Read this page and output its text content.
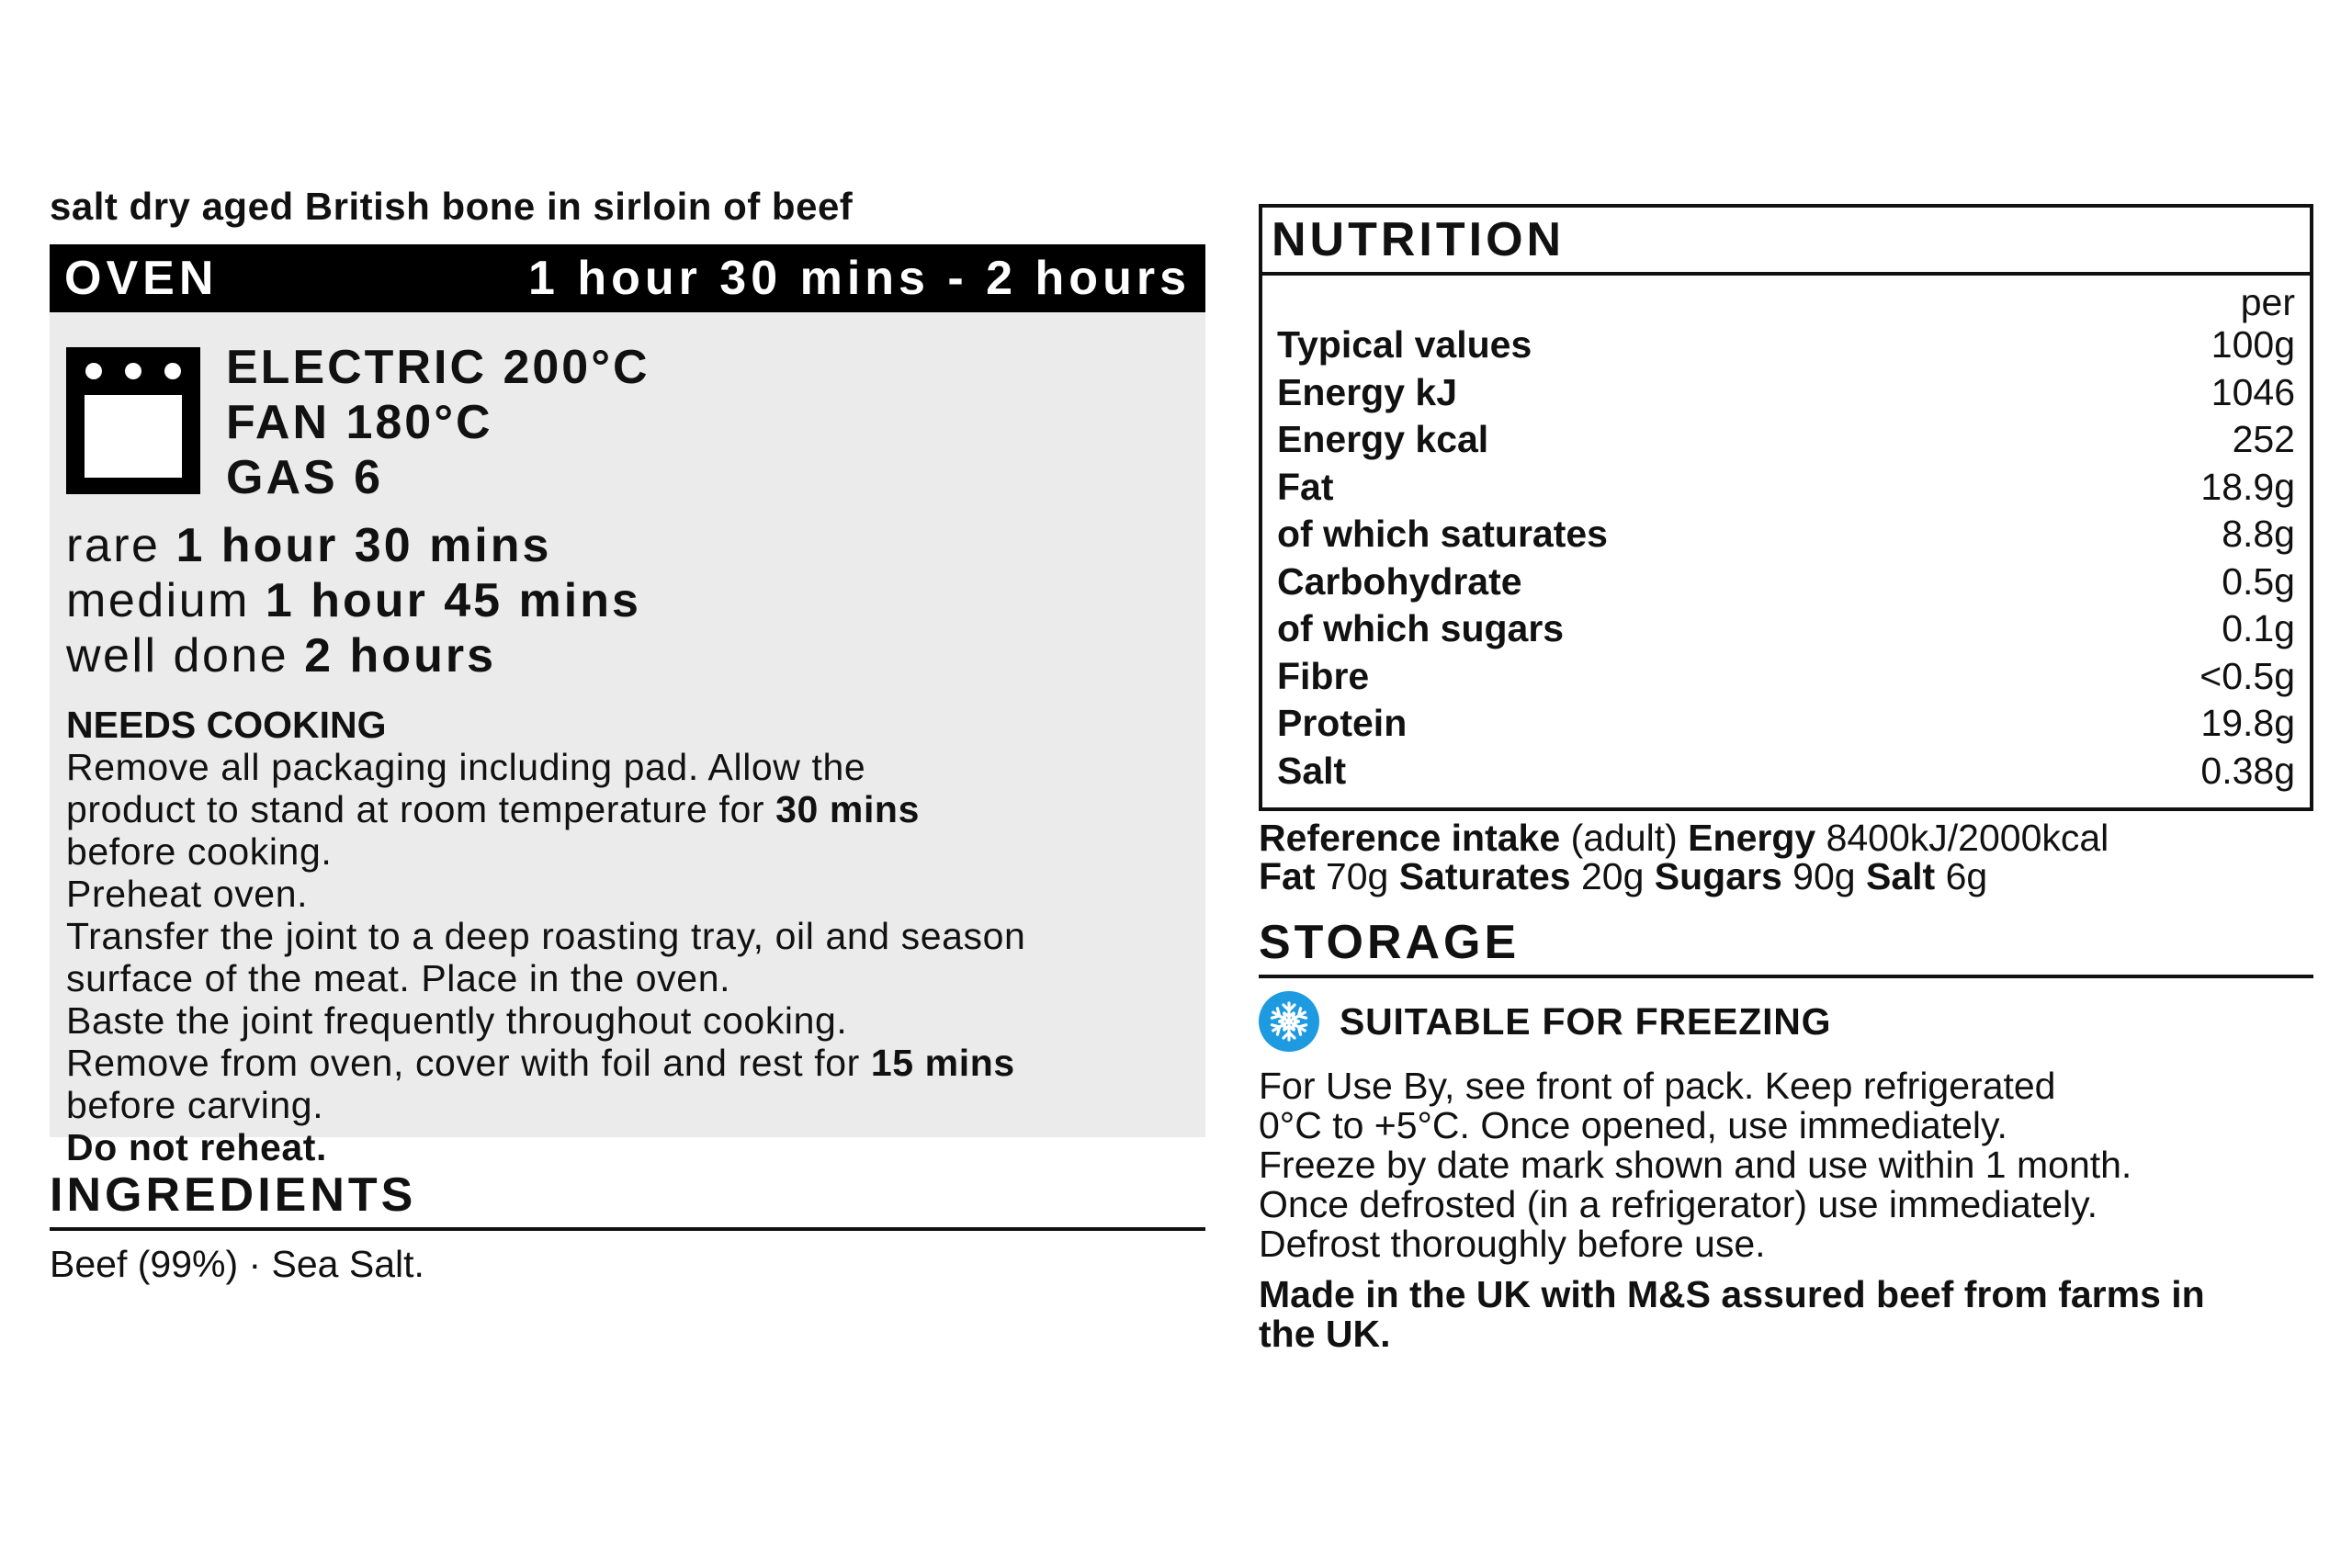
salt dry aged British bone in sirloin of beef
OVEN	1 hour 30 mins - 2 hours
ELECTRIC 200°C
FAN 180°C
GAS 6
rare 1 hour 30 mins
medium 1 hour 45 mins
well done 2 hours
NEEDS COOKING
Remove all packaging including pad. Allow the
product to stand at room temperature for 30 mins
before cooking.
Preheat oven.
Transfer the joint to a deep roasting tray, oil and season
surface of the meat. Place in the oven.
Baste the joint frequently throughout cooking.
Remove from oven, cover with foil and rest for 15 mins
before carving.
Do not reheat.
INGREDIENTS
Beef (99%) · Sea Salt.
NUTRITION
per
Typical values	100g
Energy kJ	1046
Energy kcal	252
Fat	18.9g
of which saturates	8.8g
Carbohydrate	0.5g
of which sugars	0.1g
Fibre	<0.5g
Protein	19.8g
Salt	0.38g
Reference intake (adult) Energy 8400kJ/2000kcal
Fat 70g Saturates 20g Sugars 90g Salt 6g
STORAGE
SUITABLE FOR FREEZING
For Use By, see front of pack. Keep refrigerated
0°C to +5°C. Once opened, use immediately.
Freeze by date mark shown and use within 1 month.
Once defrosted (in a refrigerator) use immediately.
Defrost thoroughly before use.
Made in the UK with M&S assured beef from farms in
the UK.
